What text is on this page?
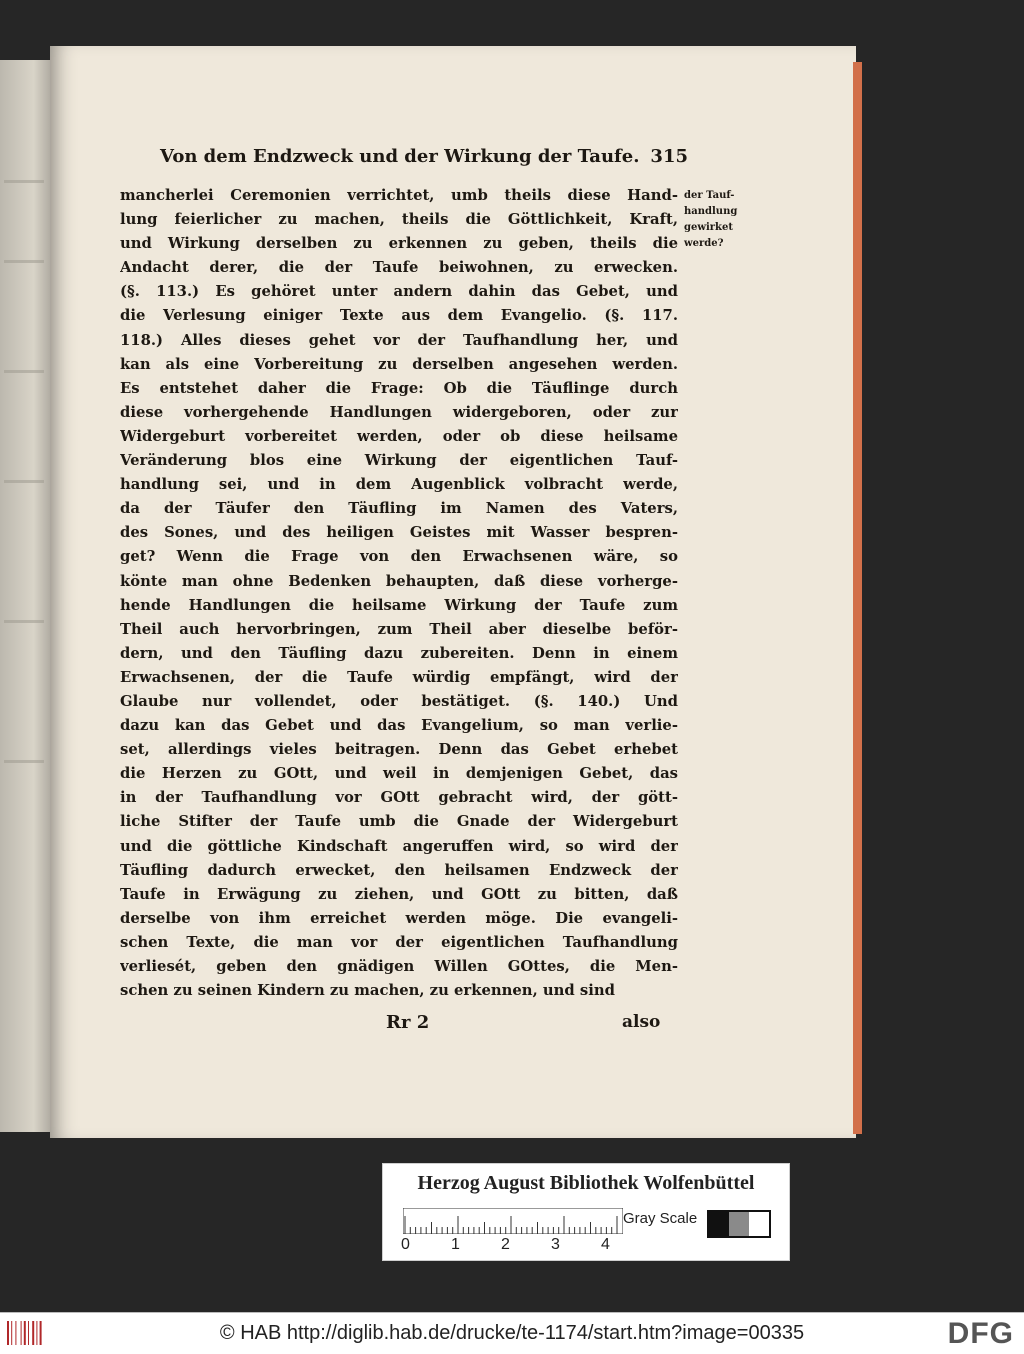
Von dem Endzweck und der Wirkung der Taufe. 315
der Tauf-
handlung
gewirket
werde?
mancherlei Ceremonien verrichtet, umb theils diese Hand-
lung feierlicher zu machen, theils die Göttlichkeit, Kraft,
und Wirkung derselben zu erkennen zu geben, theils die
Andacht derer, die der Taufe beiwohnen, zu erwecken.
(§. 113.) Es gehöret unter andern dahin das Gebet, und
die Verlesung einiger Texte aus dem Evangelio. (§. 117.
118.) Alles dieses gehet vor der Taufhandlung her, und
kan als eine Vorbereitung zu derselben angesehen werden.
Es entstehet daher die Frage: Ob die Täuflinge durch
diese vorhergehende Handlungen widergeboren, oder zur
Widergeburt vorbereitet werden, oder ob diese heilsame
Veränderung blos eine Wirkung der eigentlichen Tauf-
handlung sei, und in dem Augenblick volbracht werde,
da der Täufer den Täufling im Namen des Vaters,
des Sones, und des heiligen Geistes mit Wasser bespren-
get? Wenn die Frage von den Erwachsenen wäre, so
könte man ohne Bedenken behaupten, daß diese vorherge-
hende Handlungen die heilsame Wirkung der Taufe zum
Theil auch hervorbringen, zum Theil aber dieselbe beför-
dern, und den Täufling dazu zubereiten. Denn in einem
Erwachsenen, der die Taufe würdig empfängt, wird der
Glaube nur vollendet, oder bestätiget. (§. 140.) Und
dazu kan das Gebet und das Evangelium, so man verlie-
set, allerdings vieles beitragen. Denn das Gebet erhebet
die Herzen zu GOtt, und weil in demjenigen Gebet, das
in der Taufhandlung vor GOtt gebracht wird, der gött-
liche Stifter der Taufe umb die Gnade der Widergeburt
und die göttliche Kindschaft angeruffen wird, so wird der
Täufling dadurch erwecket, den heilsamen Endzweck der
Taufe in Erwägung zu ziehen, und GOtt zu bitten, daß
derselbe von ihm erreichet werden möge. Die evangeli-
schen Texte, die man vor der eigentlichen Taufhandlung
verliesét, geben den gnädigen Willen GOttes, die Men-
schen zu seinen Kindern zu machen, zu erkennen, und sind
Rr 2	also
Herzog August Bibliothek Wolfenbüttel
0	1	2	3	4
Gray Scale
© HAB http://diglib.hab.de/drucke/te-1174/start.htm?image=00335	DFG
